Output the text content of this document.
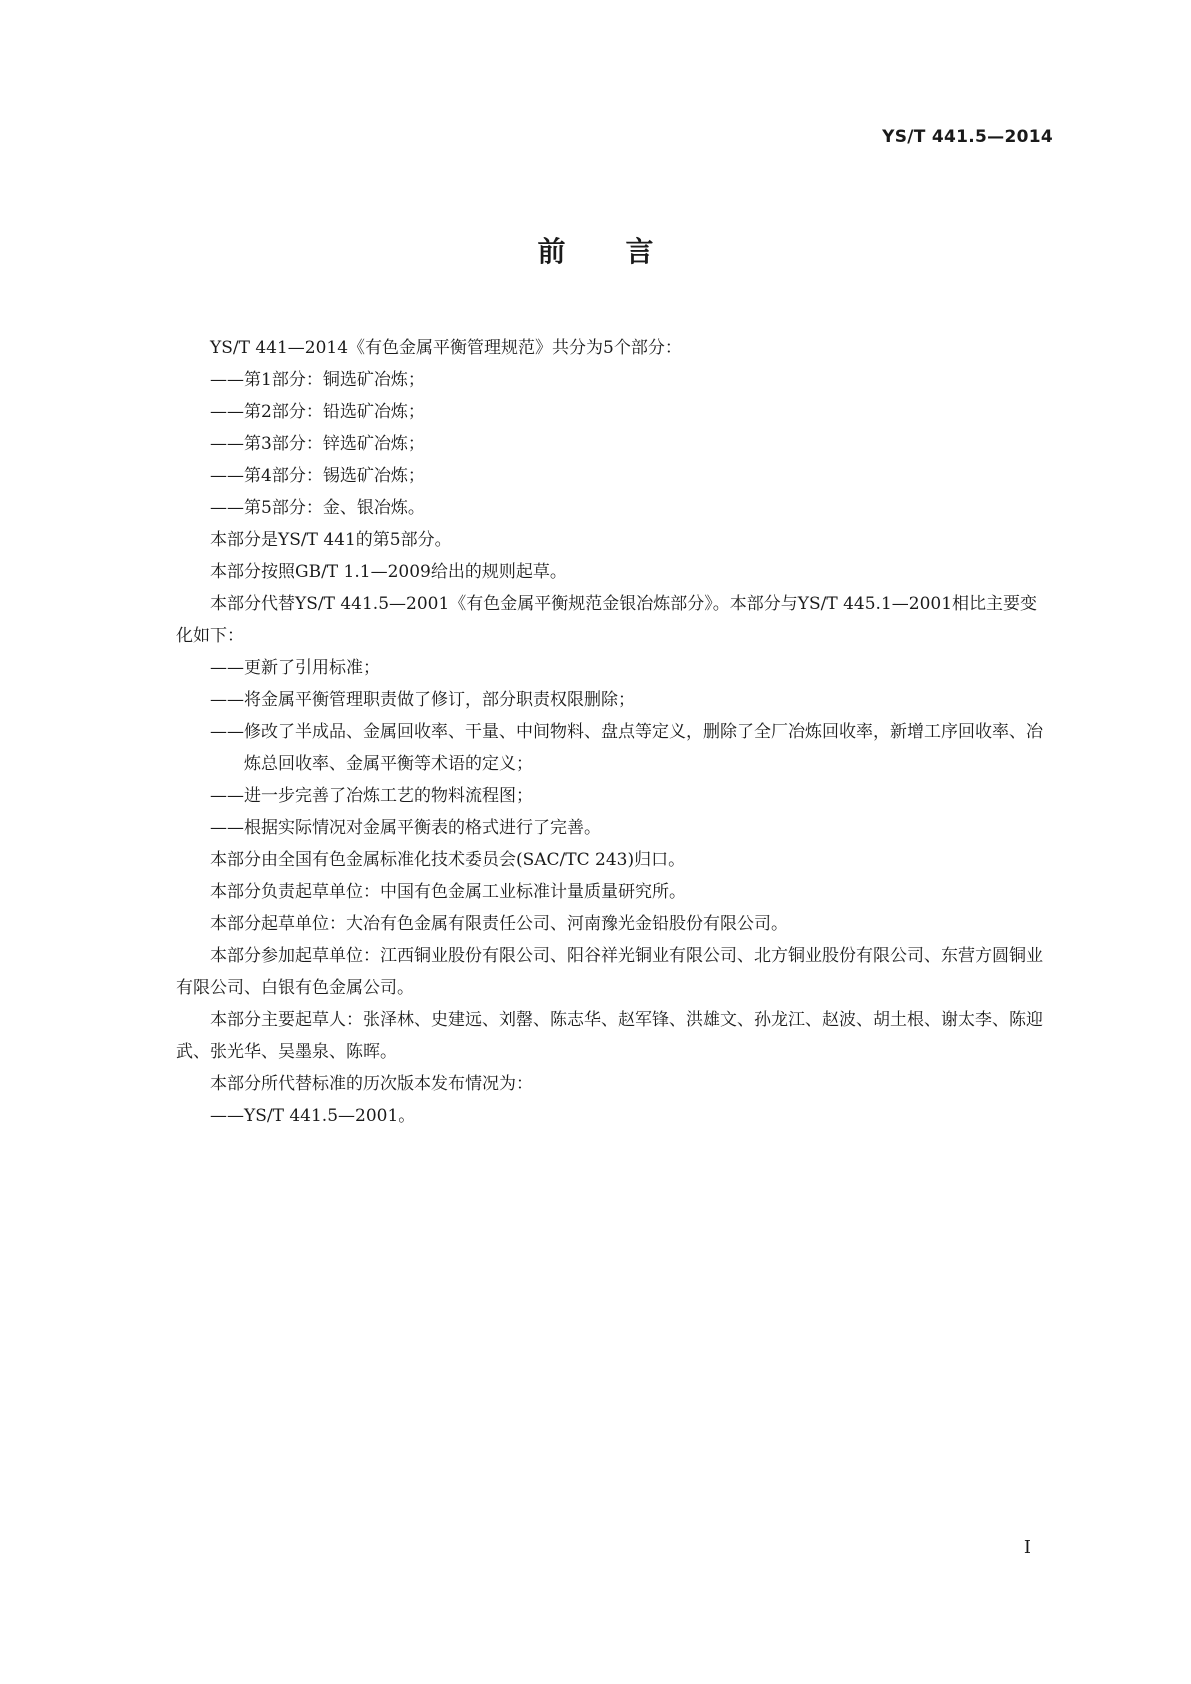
YS/T 441.5—2014
前言

YS/T 441—2014《有色金属平衡管理规范》共分为5个部分：

——第1部分：铜选矿冶炼；

——第2部分：铅选矿冶炼；

——第3部分：锌选矿冶炼；

——第4部分：锡选矿冶炼；

——第5部分：金、银冶炼。

本部分是YS/T 441的第5部分。

本部分按照GB/T 1.1—2009给出的规则起草。

本部分代替YS/T 441.5—2001《有色金属平衡规范金银冶炼部分》。本部分与YS/T 445.1—2001相比主要变化如下：

——更新了引用标准；

——将金属平衡管理职责做了修订，部分职责权限删除；

——修改了半成品、金属回收率、干量、中间物料、盘点等定义，删除了全厂冶炼回收率，新增工序回收率、冶炼总回收率、金属平衡等术语的定义；

——进一步完善了冶炼工艺的物料流程图；

——根据实际情况对金属平衡表的格式进行了完善。

本部分由全国有色金属标准化技术委员会(SAC/TC 243)归口。

本部分负责起草单位：中国有色金属工业标准计量质量研究所。

本部分起草单位：大冶有色金属有限责任公司、河南豫光金铅股份有限公司。

本部分参加起草单位：江西铜业股份有限公司、阳谷祥光铜业有限公司、北方铜业股份有限公司、东营方圆铜业有限公司、白银有色金属公司。

本部分主要起草人：张泽林、史建远、刘罄、陈志华、赵军锋、洪雄文、孙龙江、赵波、胡土根、谢太李、陈迎武、张光华、吴墨泉、陈晖。

本部分所代替标准的历次版本发布情况为：

——YS/T 441.5—2001。

I
